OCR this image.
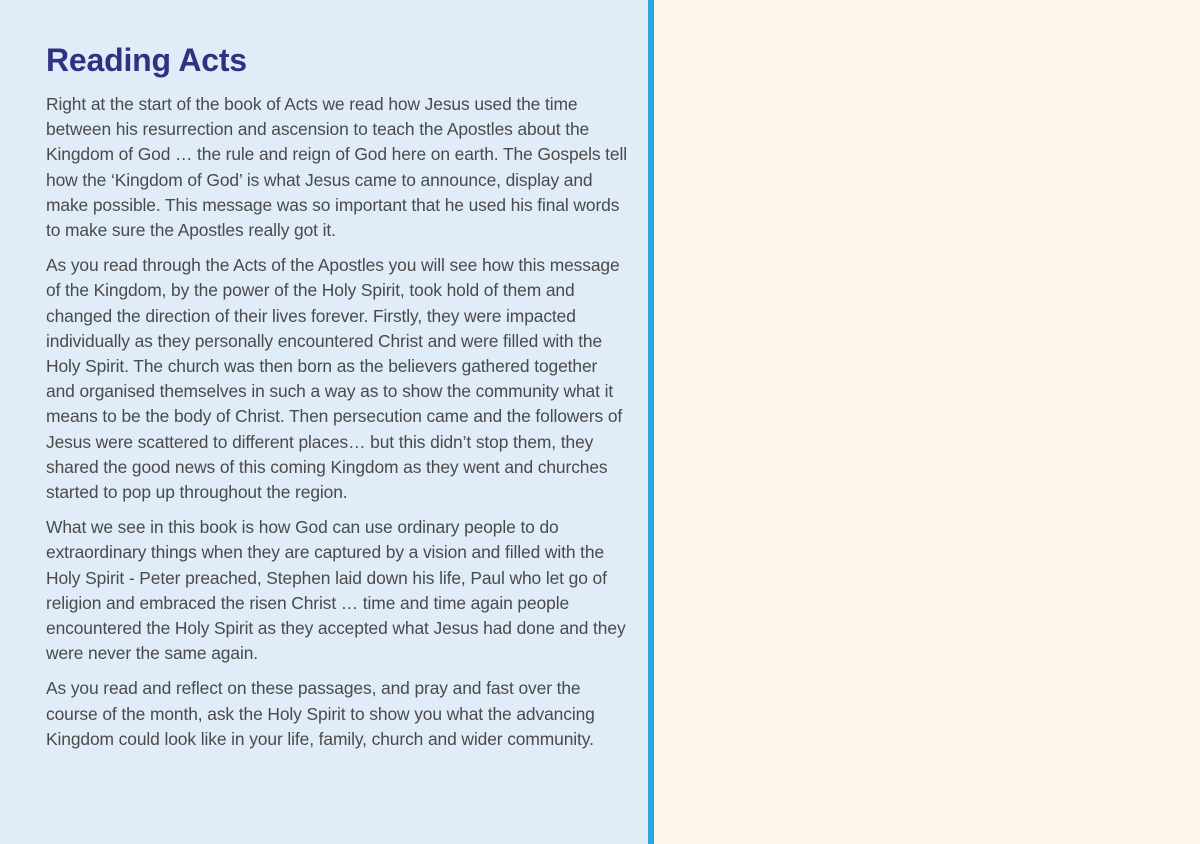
Reading Acts

Right at the start of the book of Acts we read how Jesus used the time between his resurrection and ascension to teach the Apostles about the Kingdom of God … the rule and reign of God here on earth. The Gospels tell how the ‘Kingdom of God’ is what Jesus came to announce, display and make possible. This message was so important that he used his final words to make sure the Apostles really got it.

As you read through the Acts of the Apostles you will see how this message of the Kingdom, by the power of the Holy Spirit, took hold of them and changed the direction of their lives forever. Firstly, they were impacted individually as they personally encountered Christ and were filled with the Holy Spirit. The church was then born as the believers gathered together and organised themselves in such a way as to show the community what it means to be the body of Christ. Then persecution came and the followers of Jesus were scattered to different places… but this didn’t stop them, they shared the good news of this coming Kingdom as they went and churches started to pop up throughout the region.

What we see in this book is how God can use ordinary people to do extraordinary things when they are captured by a vision and filled with the Holy Spirit - Peter preached, Stephen laid down his life, Paul who let go of religion and embraced the risen Christ … time and time again people encountered the Holy Spirit as they accepted what Jesus had done and they were never the same again.

As you read and reflect on these passages, and pray and fast over the course of the month, ask the Holy Spirit to show you what the advancing Kingdom could look like in your life, family, church and wider community.
